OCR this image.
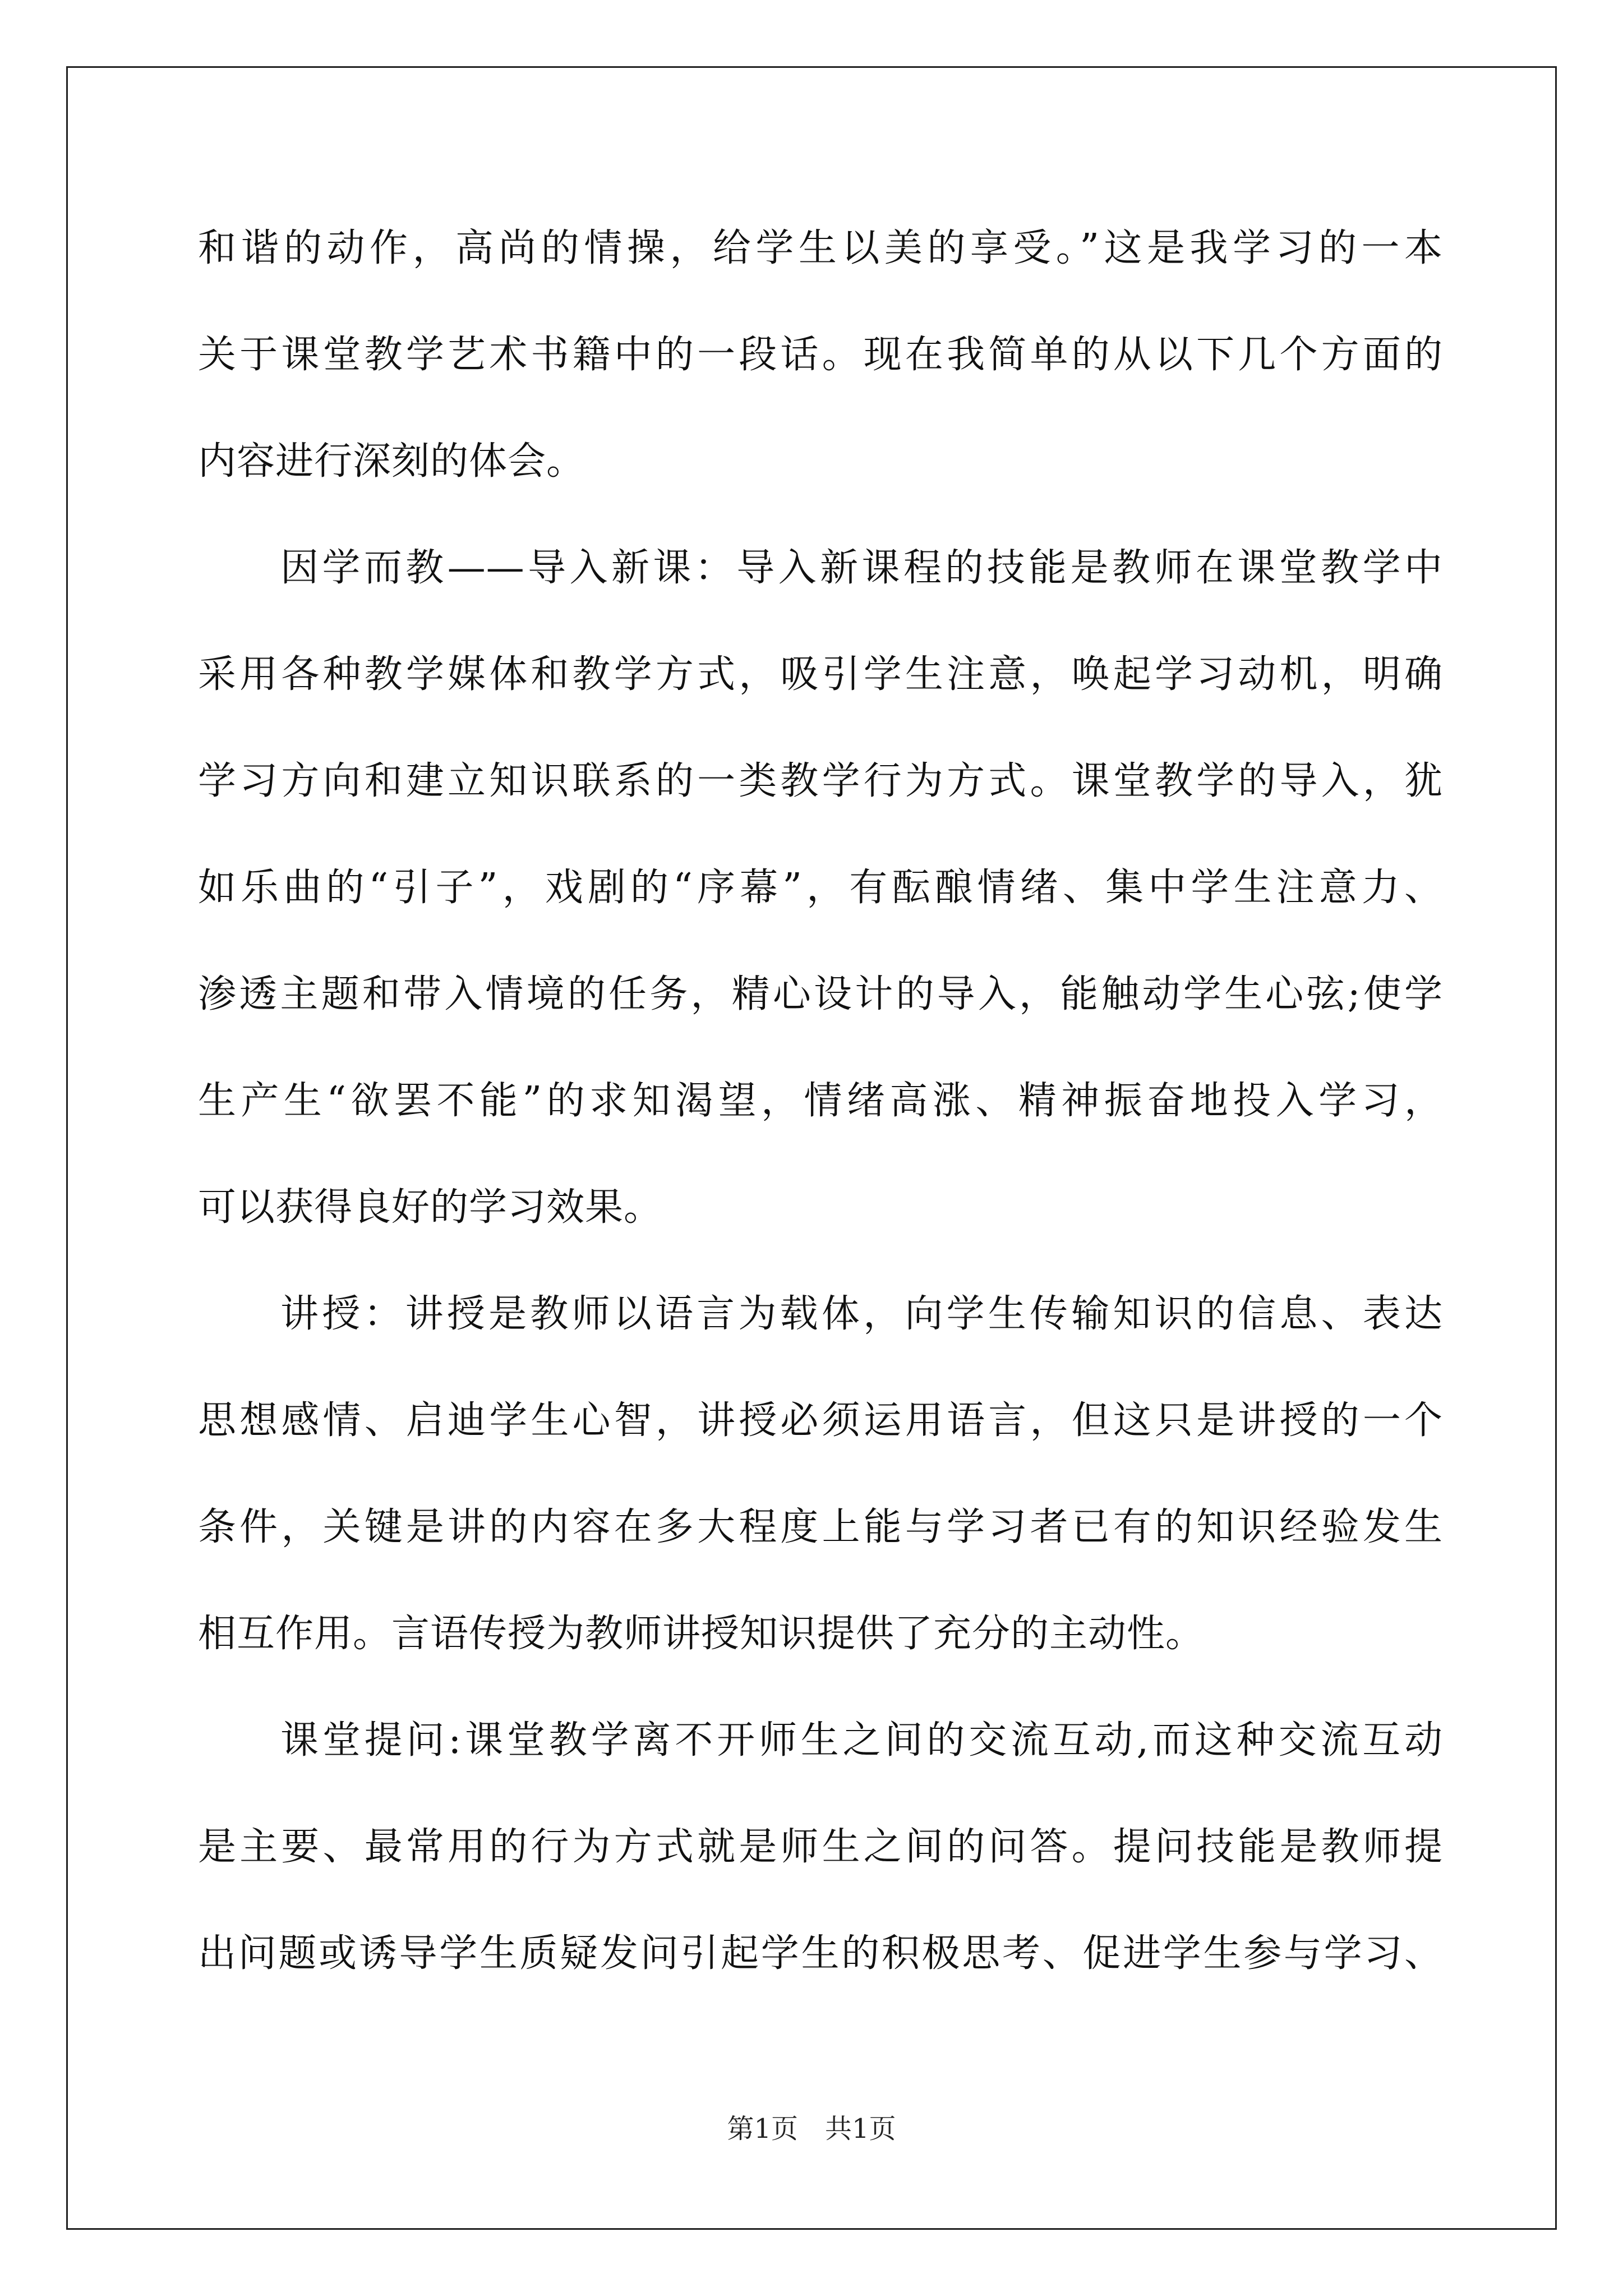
和谐的动作，高尚的情操，给学生以美的享受。”这是我学习的一本
关于课堂教学艺术书籍中的一段话。现在我简单的从以下几个方面的
内容进行深刻的体会。
因学而教——导入新课：导入新课程的技能是教师在课堂教学中
采用各种教学媒体和教学方式，吸引学生注意，唤起学习动机，明确
学习方向和建立知识联系的一类教学行为方式。课堂教学的导入，犹
如乐曲的“引子”，戏剧的“序幕”，有酝酿情绪、集中学生注意力、
渗透主题和带入情境的任务，精心设计的导入，能触动学生心弦;使学
生产生“欲罢不能”的求知渴望，情绪高涨、精神振奋地投入学习，
可以获得良好的学习效果。
讲授：讲授是教师以语言为载体，向学生传输知识的信息、表达
思想感情、启迪学生心智，讲授必须运用语言，但这只是讲授的一个
条件，关键是讲的内容在多大程度上能与学习者已有的知识经验发生
相互作用。言语传授为教师讲授知识提供了充分的主动性。
课堂提问:课堂教学离不开师生之间的交流互动,而这种交流互动
是主要、最常用的行为方式就是师生之间的问答。提问技能是教师提
出问题或诱导学生质疑发问引起学生的积极思考、促进学生参与学习、
第1页　共1页
